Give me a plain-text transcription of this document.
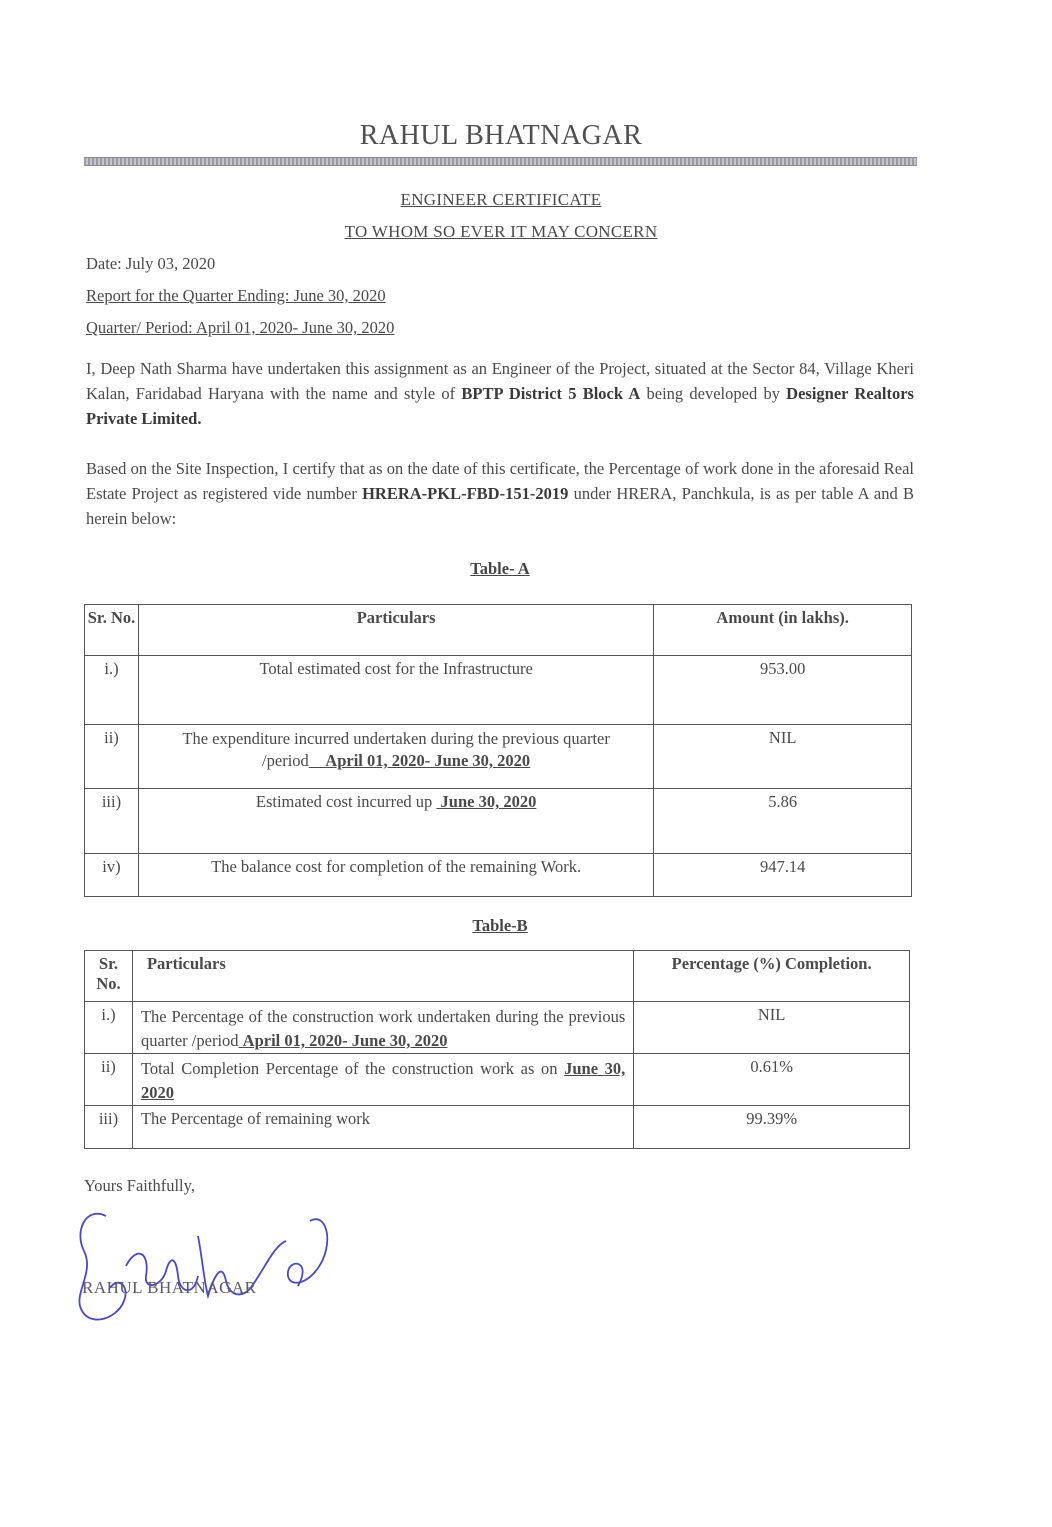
RAHUL BHATNAGAR
ENGINEER CERTIFICATE
TO WHOM SO EVER IT MAY CONCERN
Date: July 03, 2020
Report for the Quarter Ending: June 30, 2020
Quarter/ Period: April 01, 2020- June 30, 2020
I, Deep Nath Sharma have undertaken this assignment as an Engineer of the Project, situated at the Sector 84, Village Kheri Kalan, Faridabad Haryana with the name and style of BPTP District 5 Block A being developed by Designer Realtors Private Limited.
Based on the Site Inspection, I certify that as on the date of this certificate, the Percentage of work done in the aforesaid Real Estate Project as registered vide number HRERA-PKL-FBD-151-2019 under HRERA, Panchkula, is as per table A and B herein below:
Table- A
Sr. No.	Particulars	Amount (in lakhs).
i.)	Total estimated cost for the Infrastructure	953.00
ii)	The expenditure incurred undertaken during the previous quarter /period April 01, 2020- June 30, 2020	NIL
iii)	Estimated cost incurred up June 30, 2020	5.86
iv)	The balance cost for completion of the remaining Work.	947.14
Table-B
Sr. No.	Particulars	Percentage (%) Completion.
i.)	The Percentage of the construction work undertaken during the previous quarter /period April 01, 2020- June 30, 2020	NIL
ii)	Total Completion Percentage of the construction work as on June 30, 2020	0.61%
iii)	The Percentage of remaining work	99.39%
Yours Faithfully,
RAHUL BHATNAGAR
